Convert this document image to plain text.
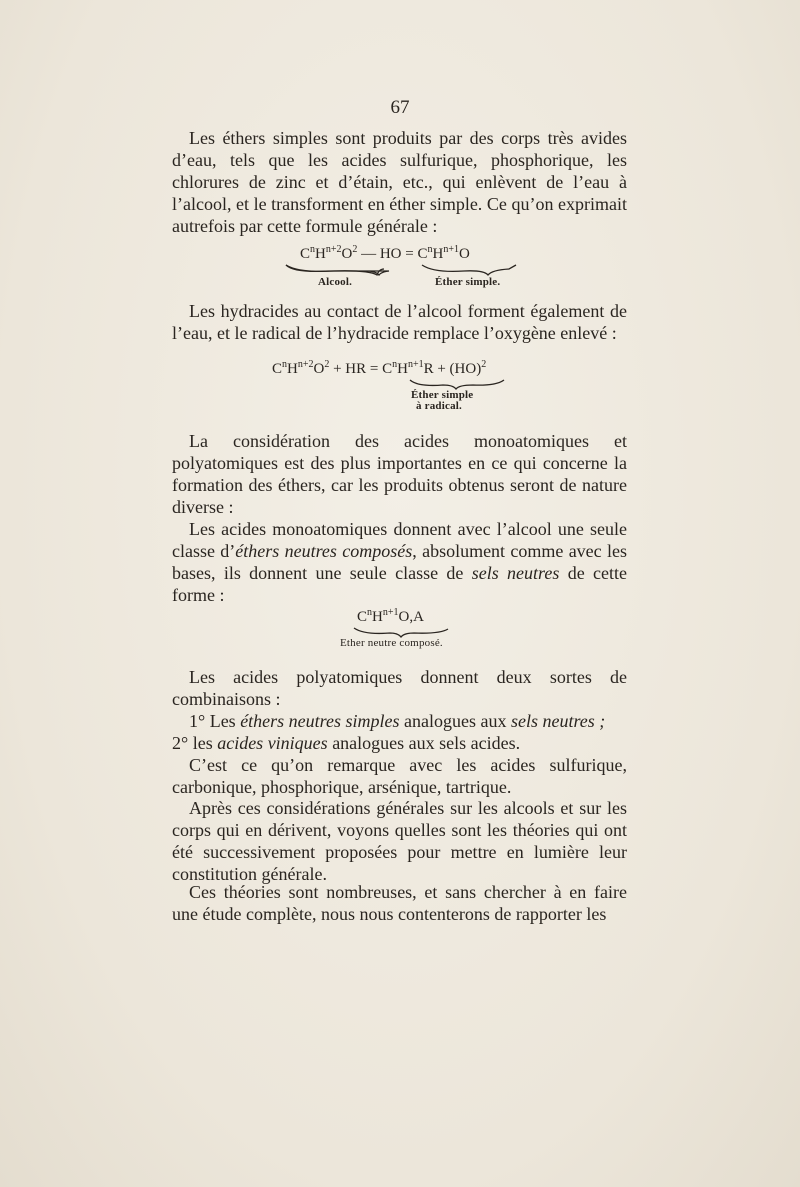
67

Les éthers simples sont produits par des corps très avides d’eau, tels que les acides sulfurique, phosphorique, les chlorures de zinc et d’étain, etc., qui enlèvent de l’eau à l’alcool, et le transforment en éther simple. Ce qu’on exprimait autrefois par cette formule générale :

$C^nH^{n+2}O^2$ — HO = $C^nH^{n+1}O$
Alcool.	Éther simple.

Les hydracides au contact de l’alcool forment également de l’eau, et le radical de l’hydracide remplace l’oxygène enlevé :

$C^nH^{n+2}O^2$ + HR = $C^nH^{n+1}R + (HO)^2$
Éther simple
à radical.

La considération des acides monoatomiques et polyatomiques est des plus importantes en ce qui concerne la formation des éthers, car les produits obtenus seront de nature diverse :

Les acides monoatomiques donnent avec l’alcool une seule classe d’éthers neutres composés, absolument comme avec les bases, ils donnent une seule classe de sels neutres de cette forme :

$C^nH^{n+1}O,A$
Ether neutre composé.

Les acides polyatomiques donnent deux sortes de combinaisons :

1° Les éthers neutres simples analogues aux sels neutres ;

2° les acides viniques analogues aux sels acides.

C’est ce qu’on remarque avec les acides sulfurique, carbonique, phosphorique, arsénique, tartrique.

Après ces considérations générales sur les alcools et sur les corps qui en dérivent, voyons quelles sont les théories qui ont été successivement proposées pour mettre en lumière leur constitution générale.

Ces théories sont nombreuses, et sans chercher à en faire une étude complète, nous nous contenterons de rapporter les
